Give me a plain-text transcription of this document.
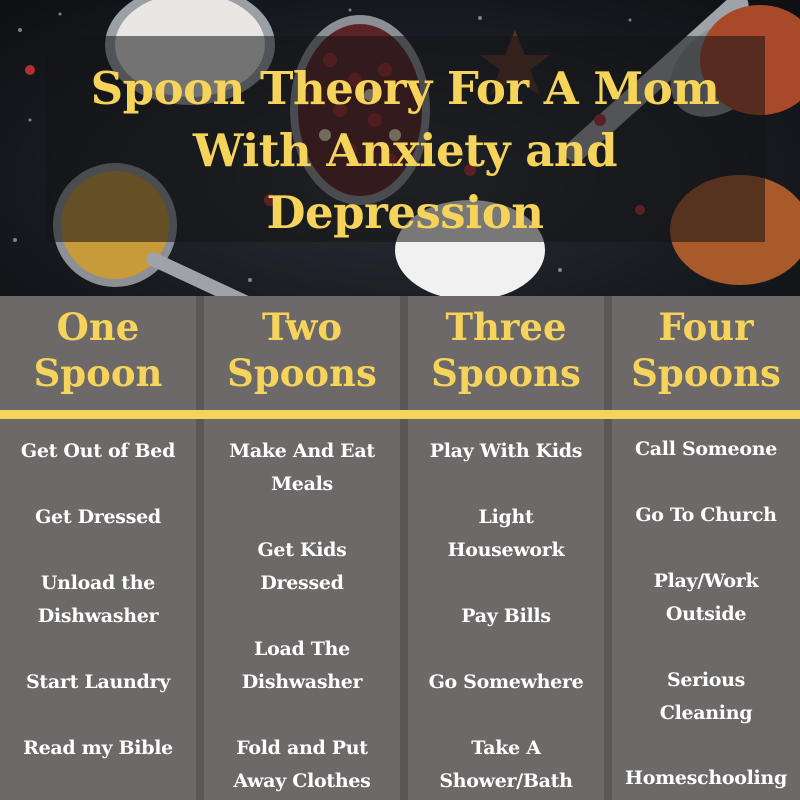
Spoon Theory For A Mom
With Anxiety and
Depression
One
Spoon
Get Out of Bed
Get Dressed
Unload the
Dishwasher
Start Laundry
Read my Bible
Two
Spoons
Make And Eat
Meals
Get Kids
Dressed
Load The
Dishwasher
Fold and Put
Away Clothes
Three
Spoons
Play With Kids
Light
Housework
Pay Bills
Go Somewhere
Take A
Shower/Bath
Four
Spoons
Call Someone
Go To Church
Play/Work
Outside
Serious
Cleaning
Homeschooling
